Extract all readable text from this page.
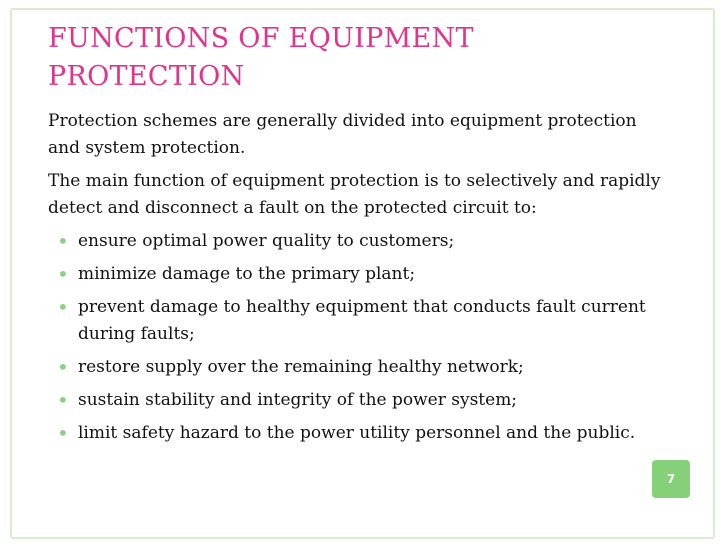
FUNCTIONS OF EQUIPMENT PROTECTION

Protection schemes are generally divided into equipment protection and system protection.

The main function of equipment protection is to selectively and rapidly detect and disconnect a fault on the protected circuit to:

• ensure optimal power quality to customers;
• minimize damage to the primary plant;
• prevent damage to healthy equipment that conducts fault current during faults;
• restore supply over the remaining healthy network;
• sustain stability and integrity of the power system;
• limit safety hazard to the power utility personnel and the public.
7
